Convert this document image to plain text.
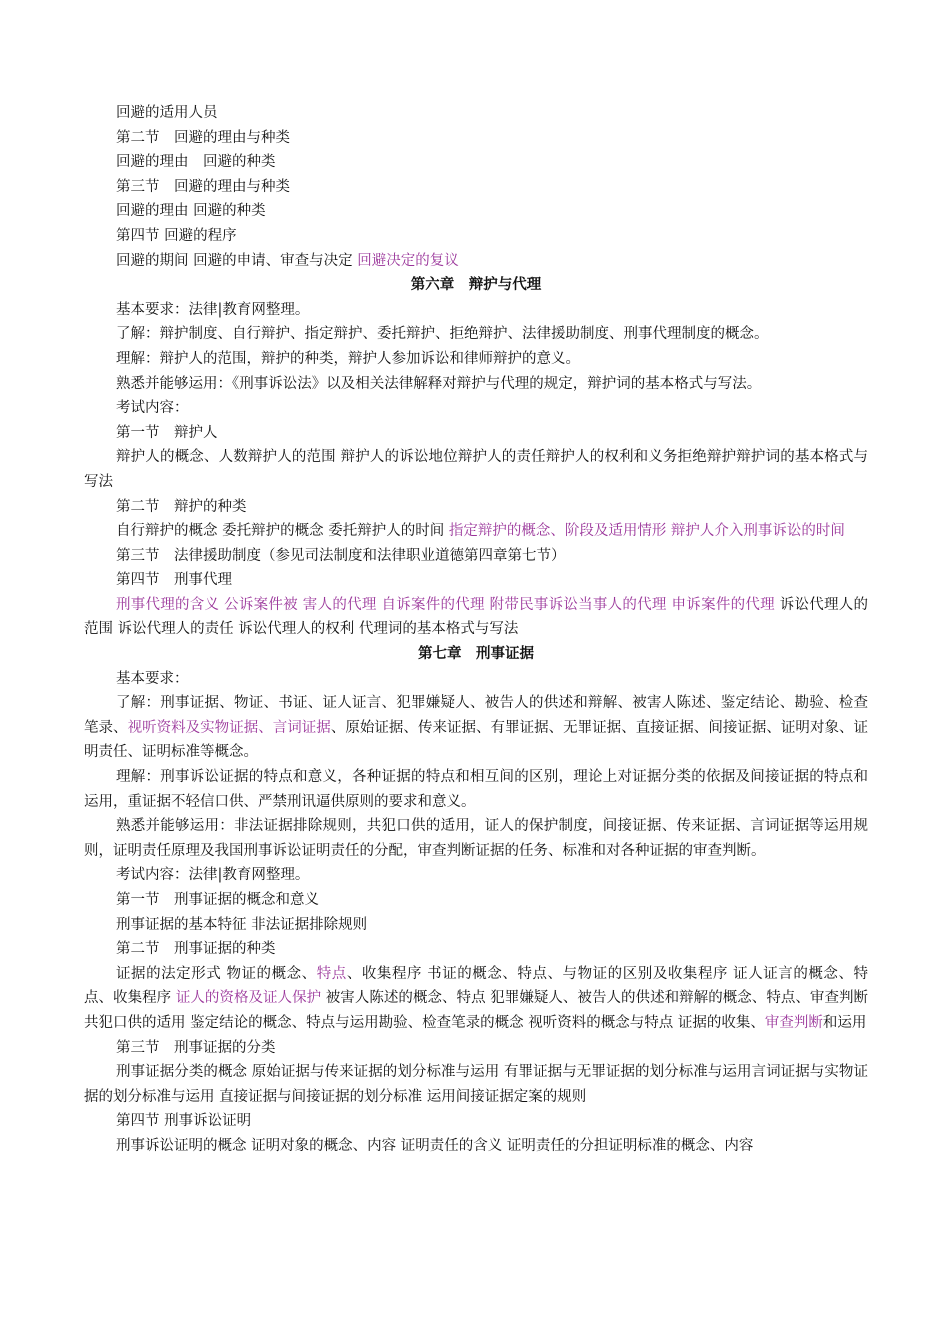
回避的适用人员

第二节　回避的理由与种类

回避的理由　回避的种类

第三节　回避的理由与种类

回避的理由 回避的种类

第四节 回避的程序

回避的期间 回避的申请、审查与决定 回避决定的复议

第六章　辩护与代理

基本要求：法律|教育网整理。

了解：辩护制度、自行辩护、指定辩护、委托辩护、拒绝辩护、法律援助制度、刑事代理制度的概念。

理解：辩护人的范围，辩护的种类，辩护人参加诉讼和律师辩护的意义。

熟悉并能够运用：《刑事诉讼法》以及相关法律解释对辩护与代理的规定，辩护词的基本格式与写法。

考试内容：

第一节　辩护人

辩护人的概念、人数辩护人的范围 辩护人的诉讼地位辩护人的责任辩护人的权利和义务拒绝辩护辩护词的基本格式与写法

第二节　辩护的种类

自行辩护的概念 委托辩护的概念 委托辩护人的时间 指定辩护的概念、阶段及适用情形 辩护人介入刑事诉讼的时间

第三节　法律援助制度（参见司法制度和法律职业道德第四章第七节）

第四节　刑事代理

刑事代理的含义 公诉案件被 害人的代理 自诉案件的代理 附带民事诉讼当事人的代理 申诉案件的代理 诉讼代理人的范围 诉讼代理人的责任 诉讼代理人的权利 代理词的基本格式与写法

第七章　刑事证据

基本要求：

了解：刑事证据、物证、书证、证人证言、犯罪嫌疑人、被告人的供述和辩解、被害人陈述、鉴定结论、勘验、检查笔录、视听资料及实物证据、言词证据、原始证据、传来证据、有罪证据、无罪证据、直接证据、间接证据、证明对象、证明责任、证明标准等概念。

理解：刑事诉讼证据的特点和意义，各种证据的特点和相互间的区别，理论上对证据分类的依据及间接证据的特点和运用，重证据不轻信口供、严禁刑讯逼供原则的要求和意义。

熟悉并能够运用：非法证据排除规则，共犯口供的适用，证人的保护制度，间接证据、传来证据、言词证据等运用规则，证明责任原理及我国刑事诉讼证明责任的分配，审查判断证据的任务、标准和对各种证据的审查判断。

考试内容：法律|教育网整理。

第一节　刑事证据的概念和意义

刑事证据的基本特征 非法证据排除规则

第二节　刑事证据的种类

证据的法定形式 物证的概念、特点、收集程序 书证的概念、特点、与物证的区别及收集程序 证人证言的概念、特点、收集程序 证人的资格及证人保护 被害人陈述的概念、特点 犯罪嫌疑人、被告人的供述和辩解的概念、特点、审查判断 共犯口供的适用 鉴定结论的概念、特点与运用勘验、检查笔录的概念 视听资料的概念与特点 证据的收集、审查判断和运用

第三节　刑事证据的分类

刑事证据分类的概念 原始证据与传来证据的划分标准与运用 有罪证据与无罪证据的划分标准与运用言词证据与实物证据的划分标准与运用 直接证据与间接证据的划分标准 运用间接证据定案的规则

第四节 刑事诉讼证明

刑事诉讼证明的概念 证明对象的概念、内容 证明责任的含义 证明责任的分担证明标准的概念、内容
